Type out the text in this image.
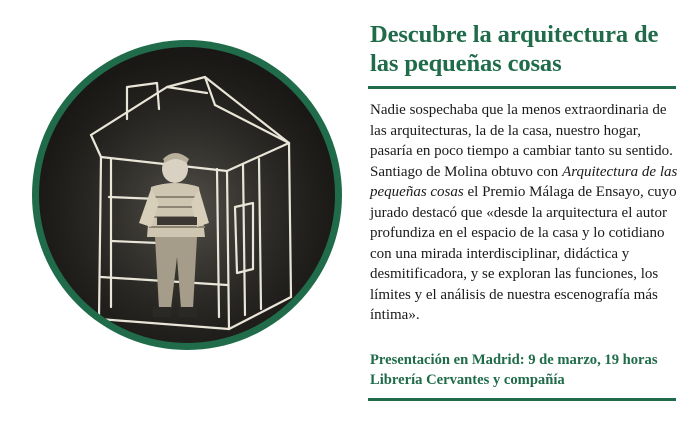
Descubre la arquitectura de las pequeñas cosas

Nadie sospechaba que la menos extraordinaria de las arquitecturas, la de la casa, nuestro hogar, pasaría en poco tiempo a cambiar tanto su sentido.

Santiago de Molina obtuvo con Arquitectura de las pequeñas cosas el Premio Málaga de Ensayo, cuyo jurado destacó que «desde la arquitectura el autor profundiza en el espacio de la casa y lo cotidiano con una mirada interdisciplinar, didáctica y desmitificadora, y se exploran las funciones, los límites y el análisis de nuestra escenografía más íntima».

Presentación en Madrid: 9 de marzo, 19 horas
Librería Cervantes y compañía
